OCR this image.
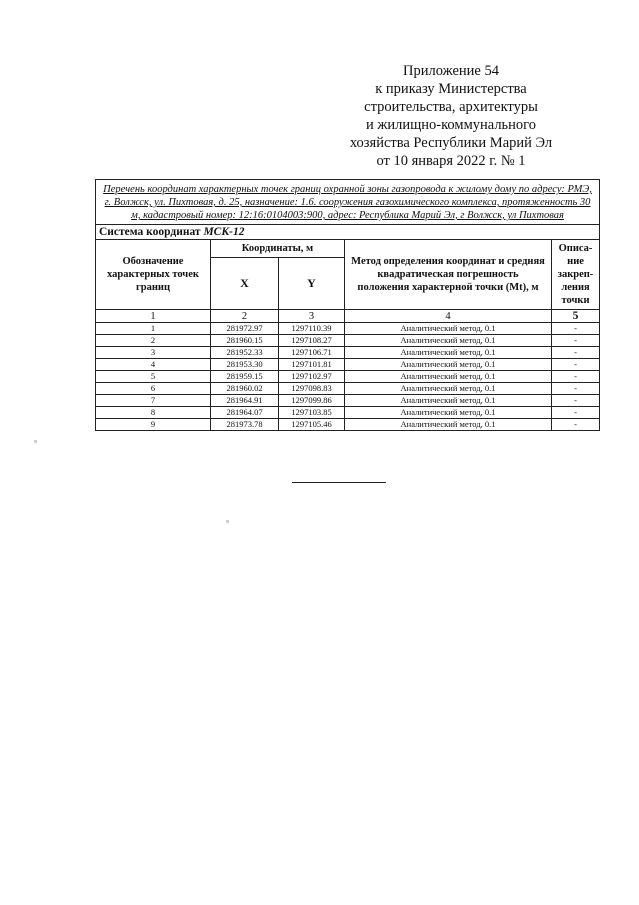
Приложение 54
к приказу Министерства
строительства, архитектуры
и жилищно-коммунального
хозяйства Республики Марий Эл
от 10 января 2022 г. № 1
Перечень координат характерных точек границ охранной зоны газопровода к жилому дому по адресу: РМЭ, г. Волжск, ул. Пихтовая, д. 25, назначение: 1.6. сооружения газохимического комплекса, протяженность 30 м, кадастровый номер: 12:16:0104003:900, адрес: Республика Марий Эл, г Волжск, ул Пихтовая				
Система координат МСК-12				
Обозначение характерных точек границ	Координаты, м		Метод определения координат и средняя квадратическая погрешность положения характерной точки (Mt), м	Описа-ние закреп-ления точки
	X	Y		
1	2	3	4	5
1	281972.97	1297110.39	Аналитический метод, 0.1	-
2	281960.15	1297108.27	Аналитический метод, 0.1	-
3	281952.33	1297106.71	Аналитический метод, 0.1	-
4	281953.30	1297101.81	Аналитический метод, 0.1	-
5	281959.15	1297102.97	Аналитический метод, 0.1	-
6	281960.02	1297098.83	Аналитический метод, 0.1	-
7	281964.91	1297099.86	Аналитический метод, 0.1	-
8	281964.07	1297103.85	Аналитический метод, 0.1	-
9	281973.78	1297105.46	Аналитический метод, 0.1	-
